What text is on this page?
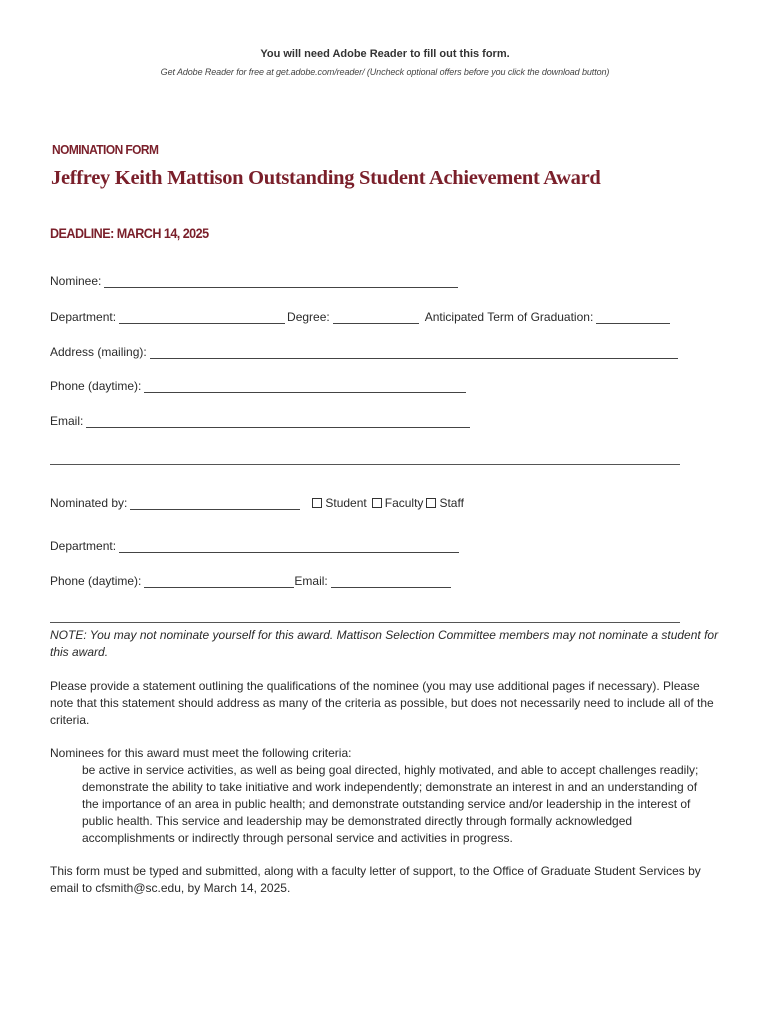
You will need Adobe Reader to fill out this form.
Get Adobe Reader for free at get.adobe.com/reader/ (Uncheck optional offers before you click the download button)
NOMINATION FORM
Jeffrey Keith Mattison Outstanding Student Achievement Award
DEADLINE: MARCH 14, 2025
Nominee:
Department:	Degree:	Anticipated Term of Graduation:
Address (mailing):
Phone (daytime):
Email:
Nominated by:	Student Faculty Staff
Department:
Phone (daytime):	Email:
NOTE: You may not nominate yourself for this award. Mattison Selection Committee members may not nominate a student for this award.
Please provide a statement outlining the qualifications of the nominee (you may use additional pages if necessary). Please note that this statement should address as many of the criteria as possible, but does not necessarily need to include all of the criteria.
Nominees for this award must meet the following criteria:
be active in service activities, as well as being goal directed, highly motivated, and able to accept challenges readily; demonstrate the ability to take initiative and work independently; demonstrate an interest in and an understanding of the importance of an area in public health; and demonstrate outstanding service and/or leadership in the interest of public health. This service and leadership may be demonstrated directly through formally acknowledged accomplishments or indirectly through personal service and activities in progress.
This form must be typed and submitted, along with a faculty letter of support, to the Office of Graduate Student Services by email to cfsmith@sc.edu, by March 14, 2025.
